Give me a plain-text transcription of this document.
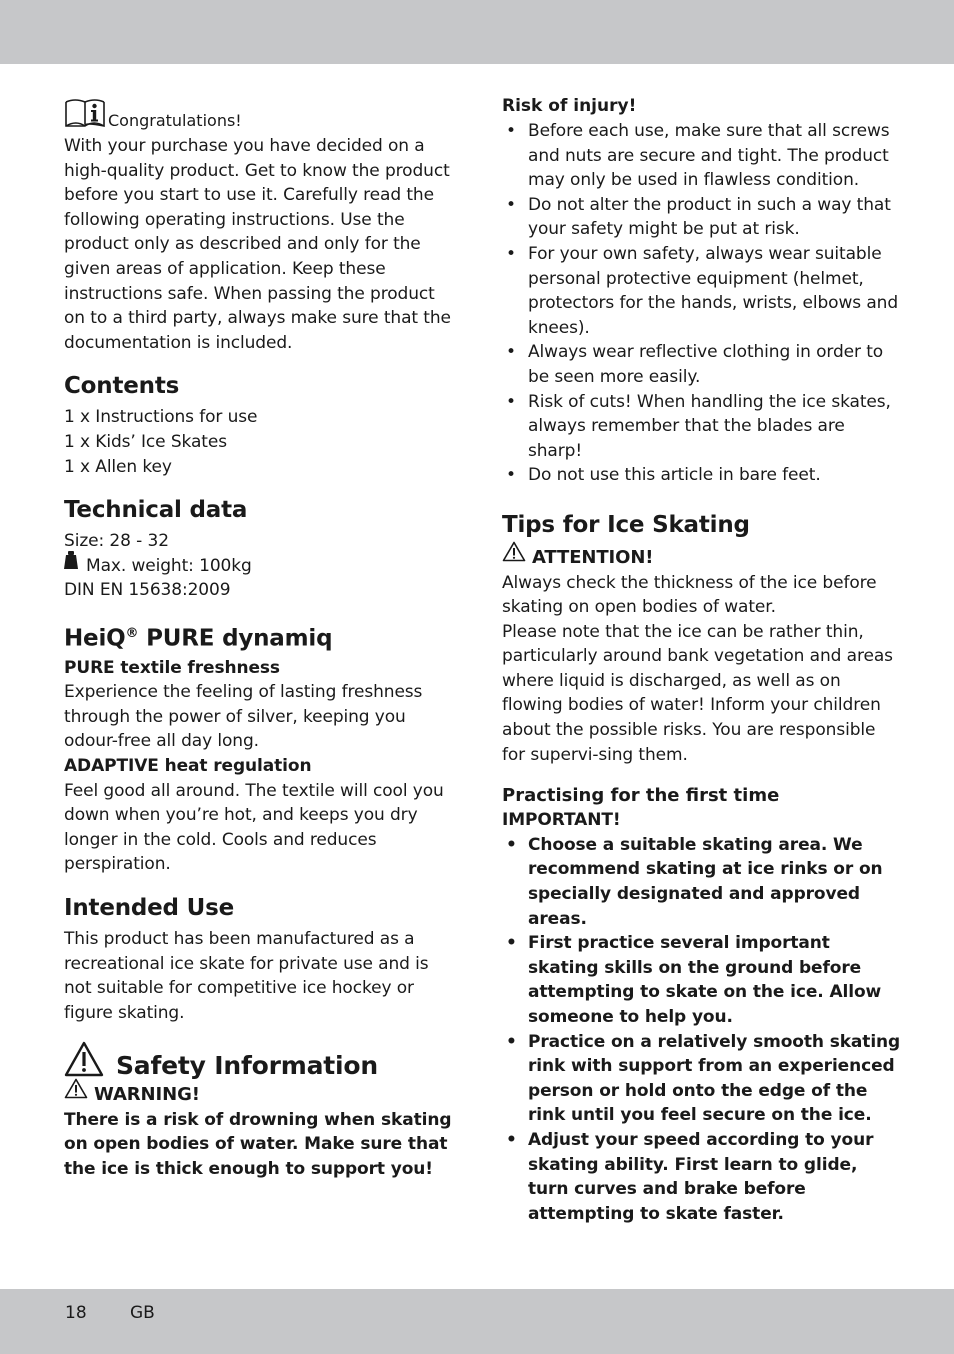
Congratulations!

With your purchase you have decided on a high-quality product. Get to know the product before you start to use it. Carefully read the following operating instructions. Use the product only as described and only for the given areas of application. Keep these instructions safe. When passing the product on to a third party, always make sure that the documentation is included.

Contents

1 x Instructions for use

1 x Kids’ Ice Skates

1 x Allen key

Technical data

Size: 28 - 32

Max. weight: 100kg

DIN EN 15638:2009

HeiQ® PURE dynamiq

PURE textile freshness

Experience the feeling of lasting freshness through the power of silver, keeping you odour-free all day long.

ADAPTIVE heat regulation

Feel good all around. The textile will cool you down when you’re hot, and keeps you dry longer in the cold. Cools and reduces perspiration.

Intended Use

This product has been manufactured as a recreational ice skate for private use and is not suitable for competitive ice hockey or figure skating.

Safety Information

WARNING!

There is a risk of drowning when skating on open bodies of water. Make sure that the ice is thick enough to support you!

Risk of injury!
• Before each use, make sure that all screws and nuts are secure and tight. The product may only be used in flawless condition.
• Do not alter the product in such a way that your safety might be put at risk.
• For your own safety, always wear suitable personal protective equipment (helmet, protectors for the hands, wrists, elbows and knees).
• Always wear reflective clothing in order to be seen more easily.
• Risk of cuts! When handling the ice skates, always remember that the blades are sharp!
• Do not use this article in bare feet.
Tips for Ice Skating

ATTENTION!

Always check the thickness of the ice before skating on open bodies of water.

Please note that the ice can be rather thin, particularly around bank vegetation and areas where liquid is discharged, as well as on flowing bodies of water! Inform your children about the possible risks. You are responsible for supervi-sing them.

Practising for the first time

IMPORTANT!

• Choose a suitable skating area. We recommend skating at ice rinks or on specially designated and approved areas.
• First practice several important skating skills on the ground before attempting to skate on the ice. Allow someone to help you.
• Practice on a relatively smooth skating rink with support from an experienced person or hold onto the edge of the rink until you feel secure on the ice.
• Adjust your speed according to your skating ability. First learn to glide, turn curves and brake before attempting to skate faster.
18	GB
